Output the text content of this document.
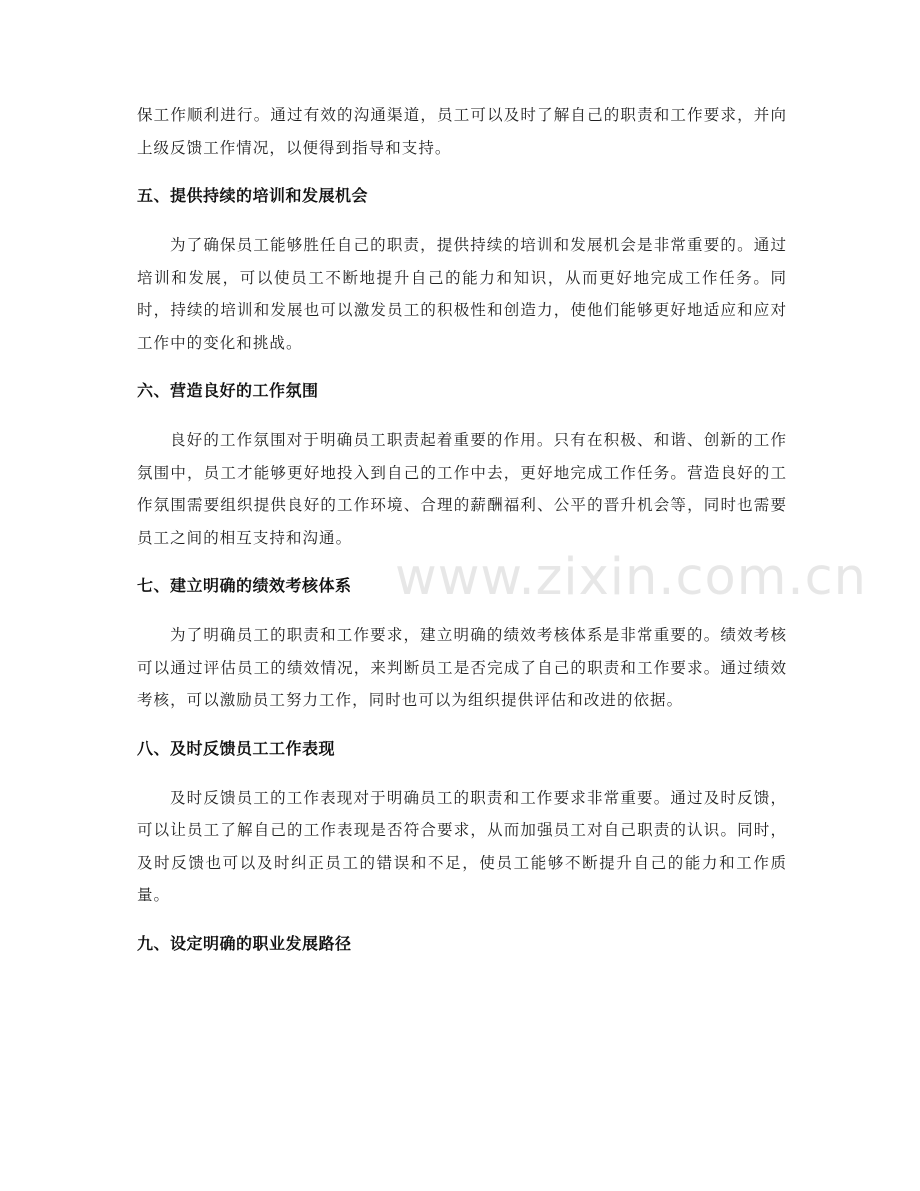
保工作顺利进行。通过有效的沟通渠道，员工可以及时了解自己的职责和工作要求，并向上级反馈工作情况，以便得到指导和支持。

五、提供持续的培训和发展机会

为了确保员工能够胜任自己的职责，提供持续的培训和发展机会是非常重要的。通过培训和发展，可以使员工不断地提升自己的能力和知识，从而更好地完成工作任务。同时，持续的培训和发展也可以激发员工的积极性和创造力，使他们能够更好地适应和应对工作中的变化和挑战。

六、营造良好的工作氛围

良好的工作氛围对于明确员工职责起着重要的作用。只有在积极、和谐、创新的工作氛围中，员工才能够更好地投入到自己的工作中去，更好地完成工作任务。营造良好的工作氛围需要组织提供良好的工作环境、合理的薪酬福利、公平的晋升机会等，同时也需要员工之间的相互支持和沟通。

七、建立明确的绩效考核体系

为了明确员工的职责和工作要求，建立明确的绩效考核体系是非常重要的。绩效考核可以通过评估员工的绩效情况，来判断员工是否完成了自己的职责和工作要求。通过绩效考核，可以激励员工努力工作，同时也可以为组织提供评估和改进的依据。

八、及时反馈员工工作表现

及时反馈员工的工作表现对于明确员工的职责和工作要求非常重要。通过及时反馈，可以让员工了解自己的工作表现是否符合要求，从而加强员工对自己职责的认识。同时，及时反馈也可以及时纠正员工的错误和不足，使员工能够不断提升自己的能力和工作质量。

九、设定明确的职业发展路径
www.zixin.com.cn
